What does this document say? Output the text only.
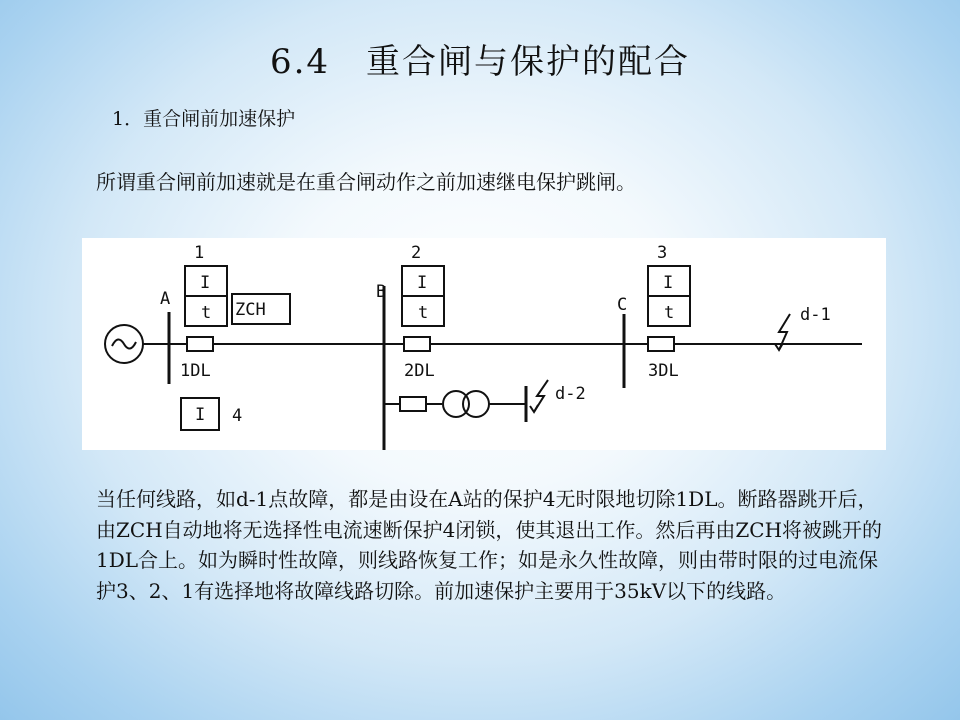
6.4　重合闸与保护的配合
1．重合闸前加速保护
所谓重合闸前加速就是在重合闸动作之前加速继电保护跳闸。
1	2	3
I
t
I
t
I
t
A	B
C
ZCH
1DL	2DL	3DL
I 4
d-1
d-2
当任何线路，如d-1点故障，都是由设在A站的保护4无时限地切除1DL。断路器跳开后，由ZCH自动地将无选择性电流速断保护4闭锁，使其退出工作。然后再由ZCH将被跳开的1DL合上。如为瞬时性故障，则线路恢复工作；如是永久性故障，则由带时限的过电流保护3、2、1有选择地将故障线路切除。前加速保护主要用于35kV以下的线路。
